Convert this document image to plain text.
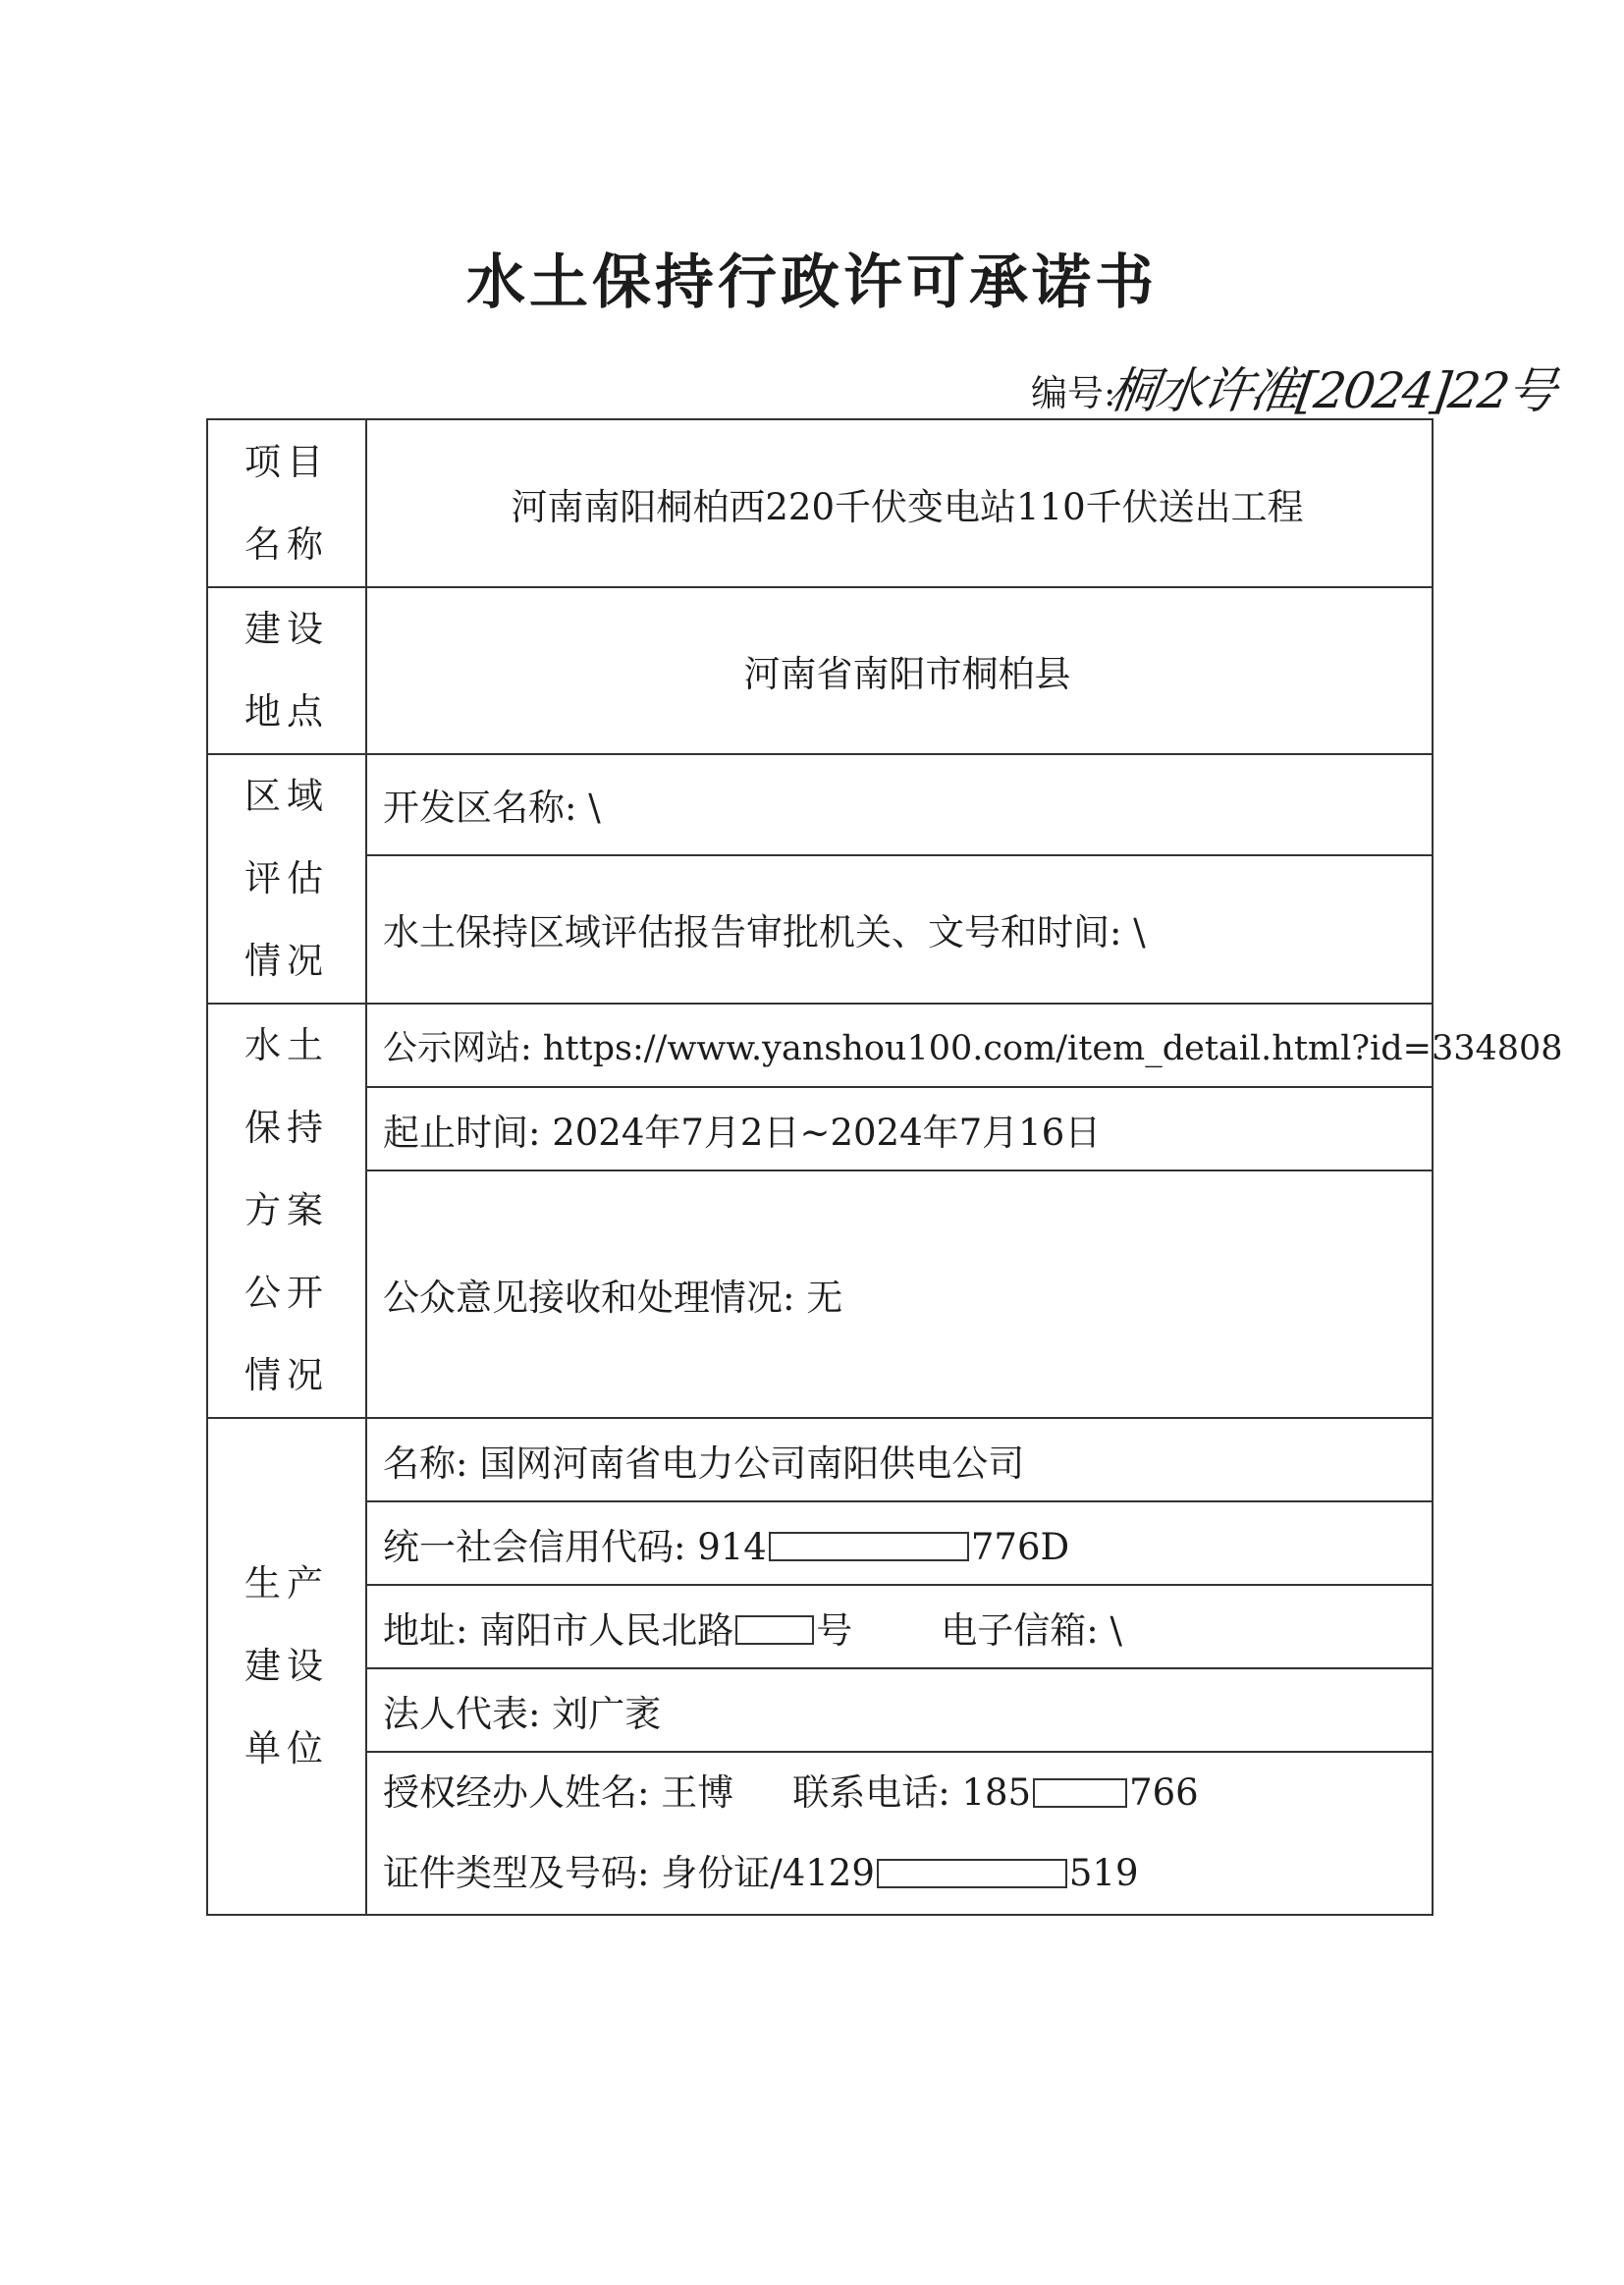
水土保持行政许可承诺书
编号:
桐水许准[2024]22号
项目
名称	河南南阳桐柏西220千伏变电站110千伏送出工程

建设
地点	河南省南阳市桐柏县

区域
评估
情况	开发区名称: \
	水土保持区域评估报告审批机关、文号和时间: \

水土
保持
方案
公开
情况	公示网站: https://www.yanshou100.com/item_detail.html?id=334808
	起止时间: 2024年7月2日~2024年7月16日
	公众意见接收和处理情况: 无

生产
建设
单位	名称: 国网河南省电力公司南阳供电公司
	统一社会信用代码: 914 776D
	地址: 南阳市人民北路 号 电子信箱: \
	法人代表: 刘广袤

	授权经办人姓名: 王博 联系电话: 185 766
证件类型及号码: 身份证/4129 519
